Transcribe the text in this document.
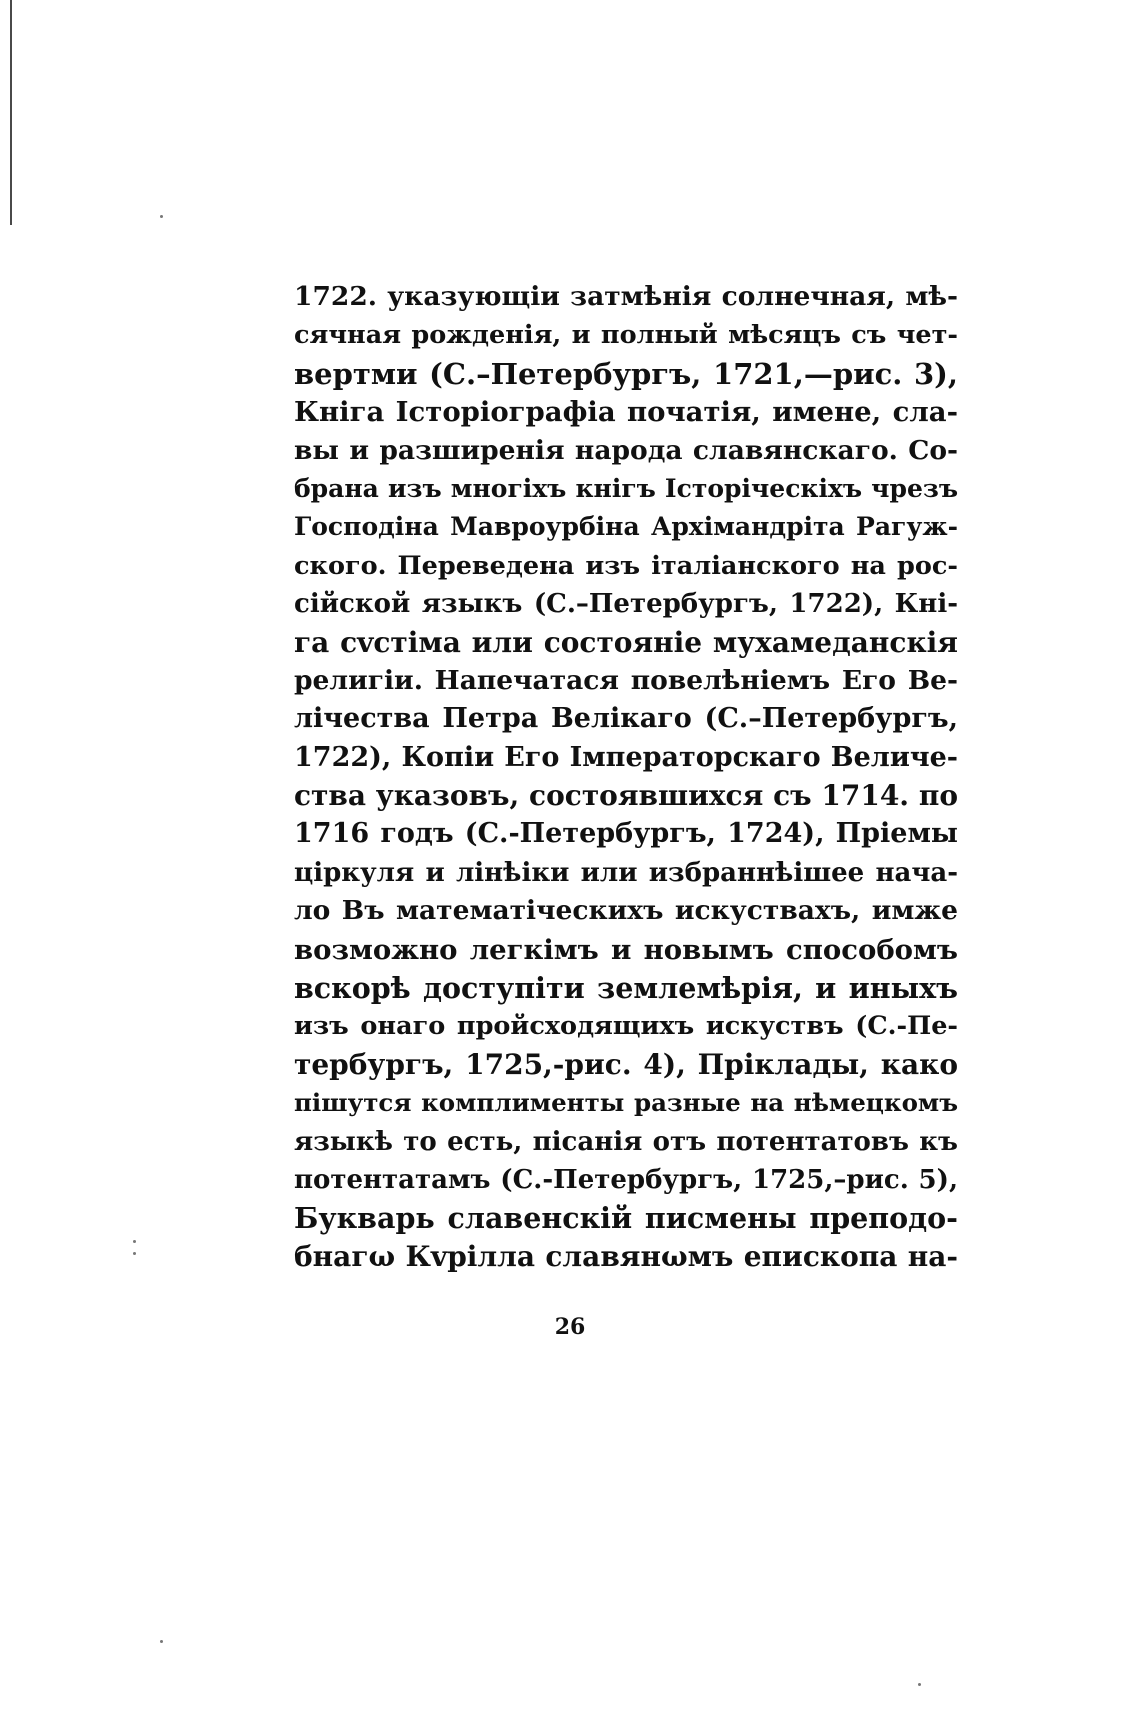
1722. указующіи затмѣнія солнечная, мѣ-
сячная рожденія, и полный мѣсяцъ съ чет-
вертми (С.–Петербургъ, 1721,—рис. 3),
Кніга Історіографіа початія, имене, сла-
вы и разширенія народа славянскаго. Со-
брана изъ многіхъ кнігъ Історіческіхъ чрезъ
Господіна Мавроурбіна Архімандріта Рагуж-
ского. Переведена изъ італіанского на рос-
сійской языкъ (С.–Петербургъ, 1722), Кні-
га сvстіма или состояніе мухамеданскія
религіи. Напечатася повелѣніемъ Его Ве-
лічества Петра Велікаго (С.–Петербургъ,
1722), Копіи Его Імператорскаго Величе-
ства указовъ, состоявшихся съ 1714. по
1716 годъ (С.-Петербургъ, 1724), Пріемы
ціркуля и лінѣіки или избраннѣішее нача-
ло Въ математіческихъ искуствахъ, имже
возможно легкімъ и новымъ способомъ
вскорѣ доступіти землемѣрія, и иныхъ
изъ онаго пройсходящихъ искуствъ (С.-Пе-
тербургъ, 1725,-рис. 4), Пріклады, како
пішутся комплименты разные на нѣмецкомъ
языкѣ то есть, пісанія отъ потентатовъ къ
потентатамъ (С.-Петербургъ, 1725,–рис. 5),
Букварь славенскій писмены преподо-
бнагω Кvрілла славянωмъ епископа на-
26
